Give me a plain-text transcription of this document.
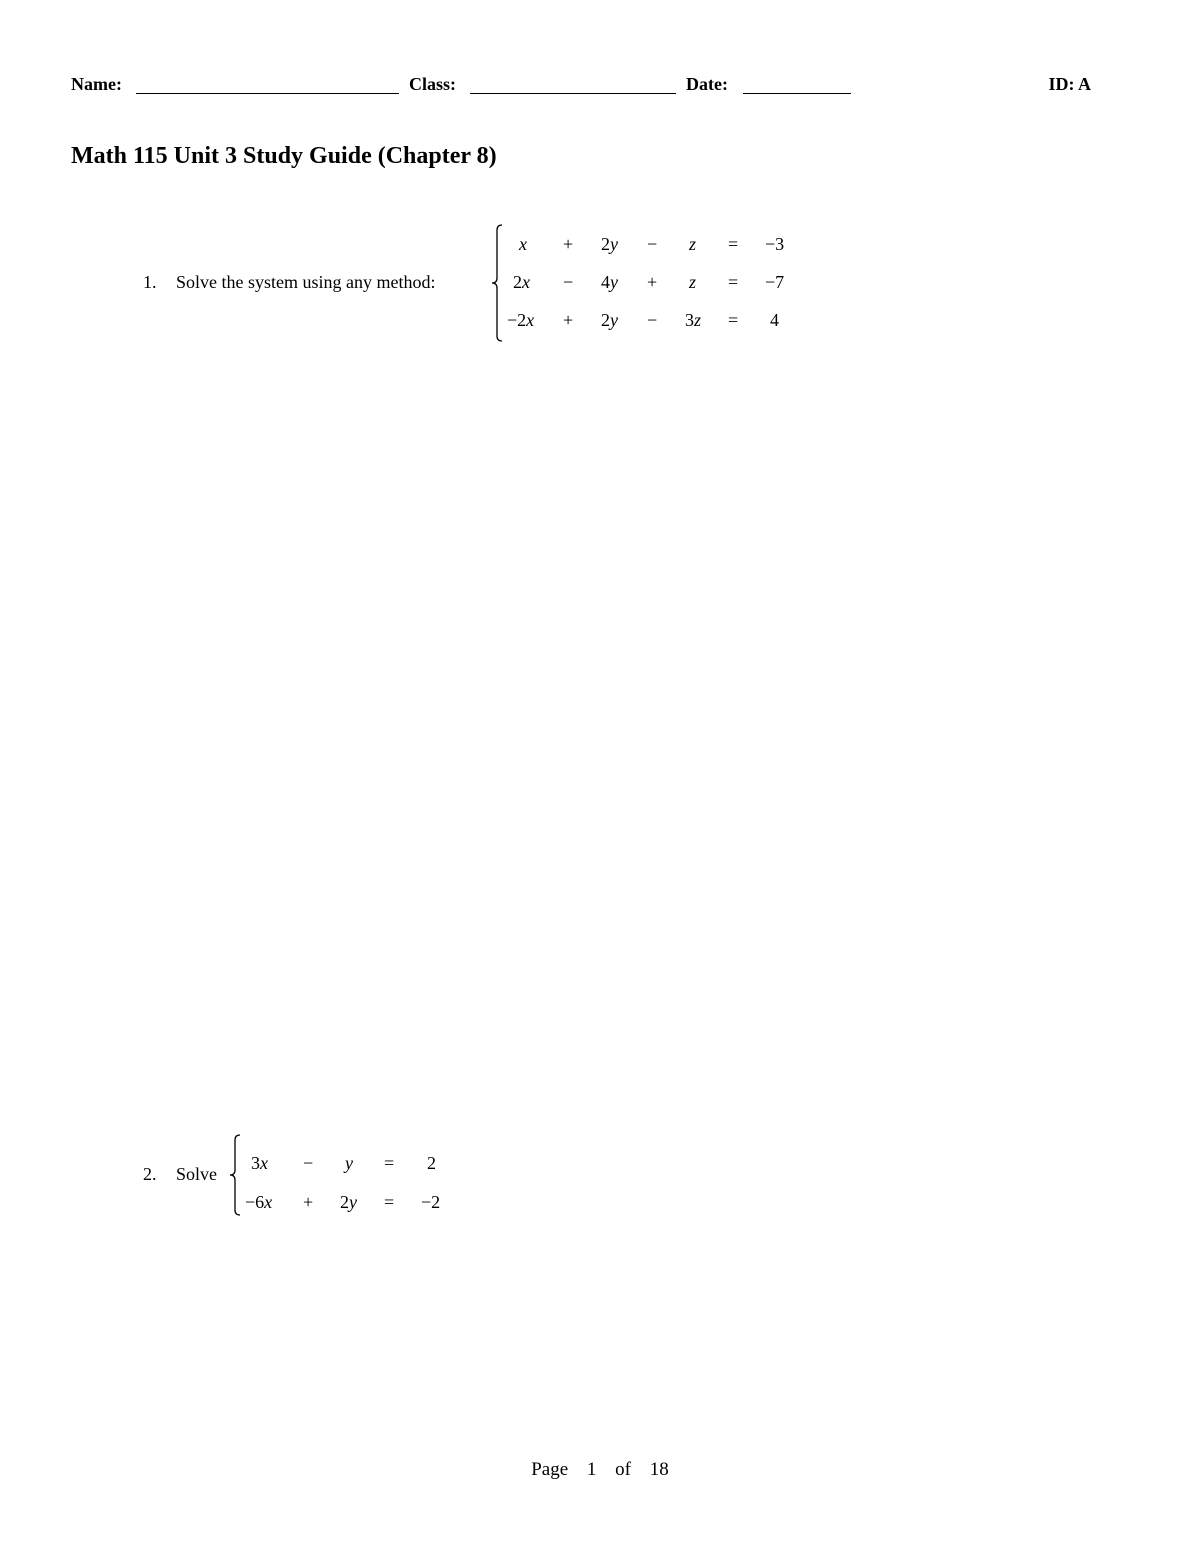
Name:	Class:	Date:	ID: A
Math 115 Unit 3 Study Guide (Chapter 8)
1. Solve the system using any method:
x + 2y − z = −3
2x − 4y + z = −7
−2x + 2y − 3z = 4
2. Solve
3x − y = 2
−6x + 2y = −2
Page 1 of 18
